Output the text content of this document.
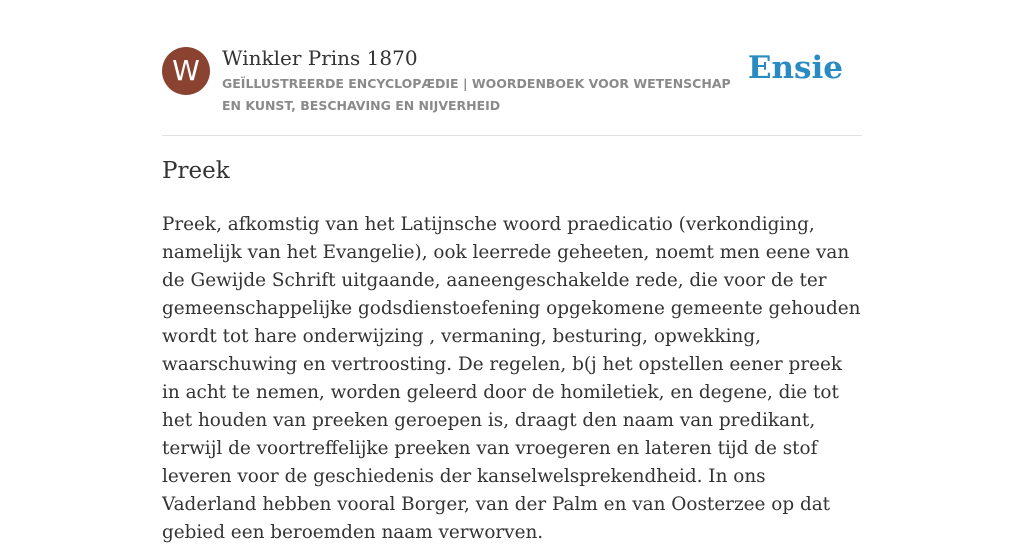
W	Winkler Prins 1870
GEÏLLUSTREERDE ENCYCLOPÆDIE | WOORDENBOEK VOOR WETENSCHAP EN KUNST, BESCHAVING EN NIJVERHEID
Ensie
Preek
Preek, afkomstig van het Latijnsche woord praedicatio (verkondiging, namelijk van het Evangelie), ook leerrede geheeten, noemt men eene van de Gewijde Schrift uitgaande, aaneengeschakelde rede, die voor de ter gemeenschappelijke godsdienstoefening opgekomene gemeente gehouden wordt tot hare onderwijzing , vermaning, besturing, opwekking, waarschuwing en vertroosting. De regelen, b(j het opstellen eener preek in acht te nemen, worden geleerd door de homiletiek, en degene, die tot het houden van preeken geroepen is, draagt den naam van predikant, terwijl de voortreffelijke preeken van vroegeren en lateren tijd de stof leveren voor de geschiedenis der kanselwelsprekendheid. In ons Vaderland hebben vooral Borger, van der Palm en van Oosterzee op dat gebied een beroemden naam verworven.
